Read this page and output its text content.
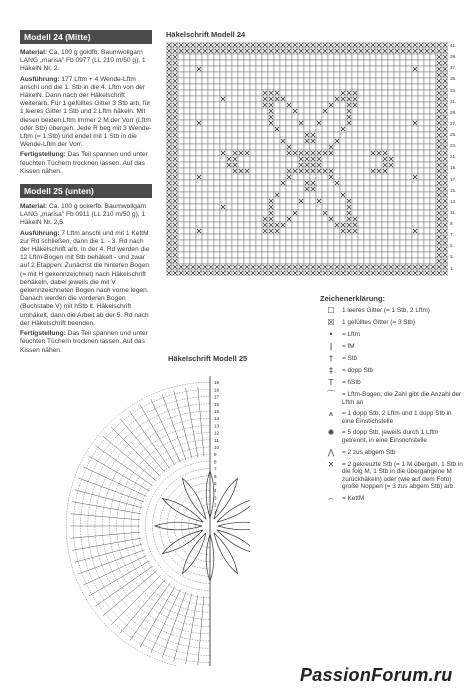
Modell 24 (Mitte)

Material: Ca. 100 g goldfb. Baumwollgarn LANG „marisa" Fb 0977 (LL 210 m/50 g), 1 HäkelN Nr. 2.

Ausführung: 177 Lftm + 4 Wende-Lftm anschl und die 1. Stb in die 4. Lftm von der HäkelN. Dann nach der Häkelschrift weiterarb. Für 1 gefülltes Gitter 3 Stb arb, für 1 leeres Gitter 1 Stb und 2 Lftm häkeln. Mit diesen beiden Lftm immer 2 M der Vorr (Lftm oder Stb) übergeh. Jede R beg mit 3 Wende-Lftm (= 1.Stb) und endet mit 1 Stb in die Wende-Lftm der Vorr.

Fertigstellung: Das Teil spannen und unter feuchten Tüchern trocknen lassen. Auf das Kissen nähen.

Modell 25 (unten)

Material: Ca. 100 g ockerfb. Baumwollgarn LANG „marisa" Fb 0911 (LL 210 m/50 g), 1 HäkelN Nr. 2,5.

Ausführung: 7 Lftm anschl und mit 1 KettM zur Rd schließen, dann die 1. - 3. Rd nach der Häkelschrift arb. In der 4. Rd werden die 12 Lftm-Bogen mit Stb behäkelt - und zwar auf 2 Etappen: Zunächst die hinteren Bogen (= mit H gekennzeichnet) nach Häkelschrift behäkeln, dabei jeweils die mit V gekennzeichneten Bogen nach vorne legen. Danach werden die vorderen Bogen (Buchstabe V) mit hStb lt. Häkelschrift umhäkelt, dann die Arbeit ab der 5. Rd nach der Häkelschrift beenden.

Fertigstellung: Das Teil spannen und unter feuchten Tüchern trocknen lassen. Auf das Kissen nähen.

Häkelschrift Modell 24
41.
39.
37.
35.
33.
31.
29.
27.
25.
23.
21.
19.
17.
15.
13.
11.
9.
7.
5.
3.
1.
Zeichenerklärung:
☐	1 leeres Gitter (= 1 Stb, 2 Lftm)
☒	1 gefülltes Gitter (= 3 Stb)
•	= Lftm
ǀ	= fM
†	= Stb
‡	= dopp Stb
T	= hStb
⌒	= Lftm-Bogen; die Zahl gibt die Anzahl der Lftm an
⩚	= 1 dopp Stb, 2 Lftm und 1 dopp Stb in eine Einstichstelle
✺	= 5 dopp Stb, jeweils durch 1 Lftm getrennt, in eine Einstichstelle
⋀	= 2 zus abgem Stb
✕	= 2 gekreuzte Stb (= 1 M übergeh, 1 Stb in die folg M, 1 Stb in die übergangene M zurückhäkeln) oder (wie auf dem Foto) große Noppen (= 3 zus abgem Stb) arb.
⌢	= KettM
Häkelschrift Modell 25
19
18
17
16
15
14
13
12
11
10
9
8
7
6
5
4
3
2
1
PassionForum.ru
